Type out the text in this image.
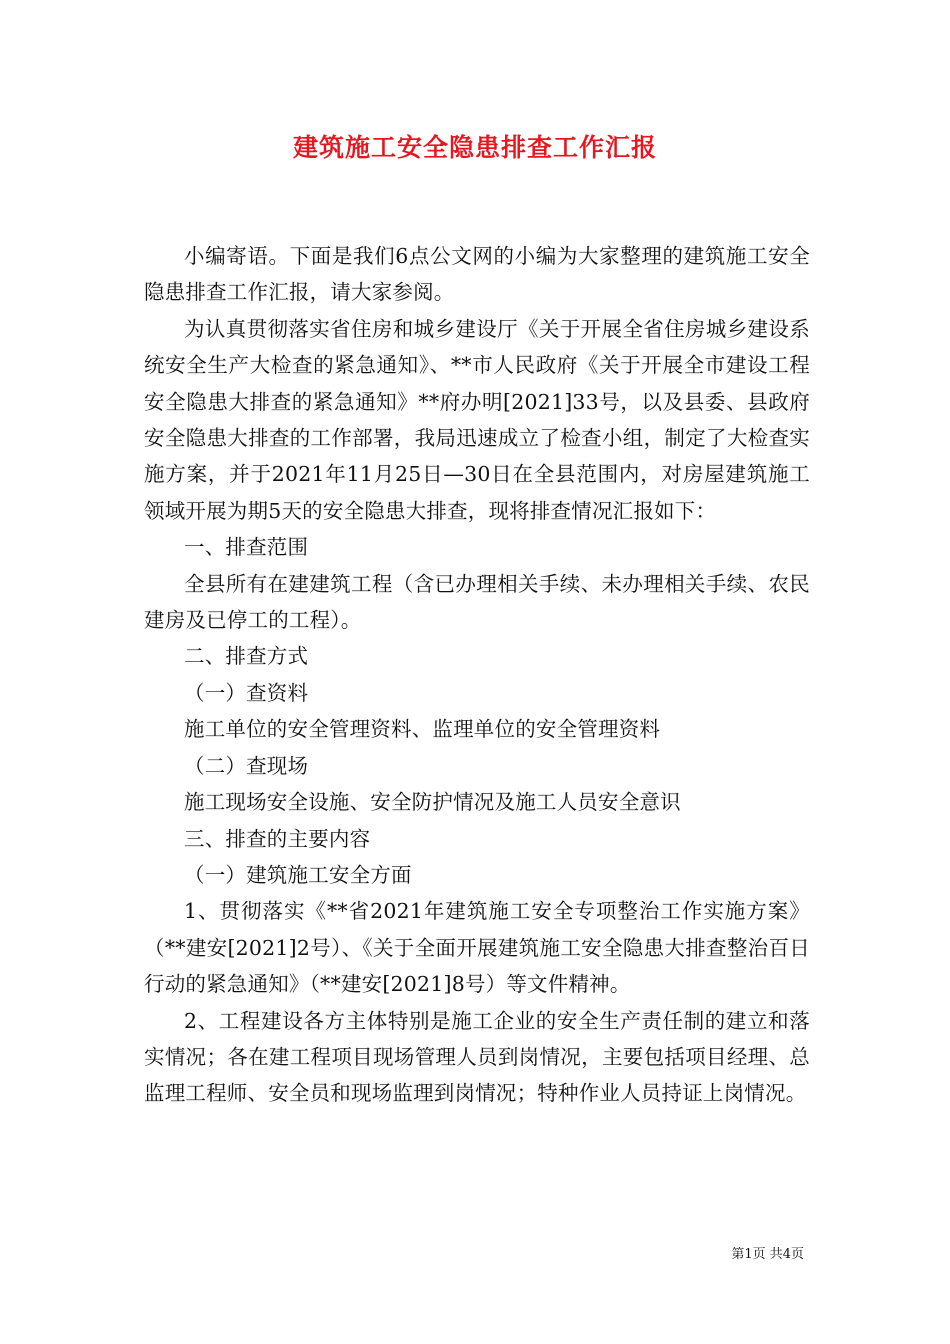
建筑施工安全隐患排查工作汇报

小编寄语。下面是我们6点公文网的小编为大家整理的建筑施工安全隐患排查工作汇报，请大家参阅。

为认真贯彻落实省住房和城乡建设厅《关于开展全省住房城乡建设系统安全生产大检查的紧急通知》、**市人民政府《关于开展全市建设工程安全隐患大排查的紧急通知》**府办明[2021]33号，以及县委、县政府安全隐患大排查的工作部署，我局迅速成立了检查小组，制定了大检查实施方案，并于2021年11月25日—30日在全县范围内，对房屋建筑施工领域开展为期5天的安全隐患大排查，现将排查情况汇报如下：

一、排查范围

全县所有在建建筑工程（含已办理相关手续、未办理相关手续、农民建房及已停工的工程）。

二、排查方式

（一）查资料

施工单位的安全管理资料、监理单位的安全管理资料

（二）查现场

施工现场安全设施、安全防护情况及施工人员安全意识

三、排查的主要内容

（一）建筑施工安全方面

1、贯彻落实《**省2021年建筑施工安全专项整治工作实施方案》（**建安[2021]2号）、《关于全面开展建筑施工安全隐患大排查整治百日行动的紧急通知》（**建安[2021]8号）等文件精神。

2、工程建设各方主体特别是施工企业的安全生产责任制的建立和落实情况；各在建工程项目现场管理人员到岗情况，主要包括项目经理、总监理工程师、安全员和现场监理到岗情况；特种作业人员持证上岗情况。

第1页 共4页
